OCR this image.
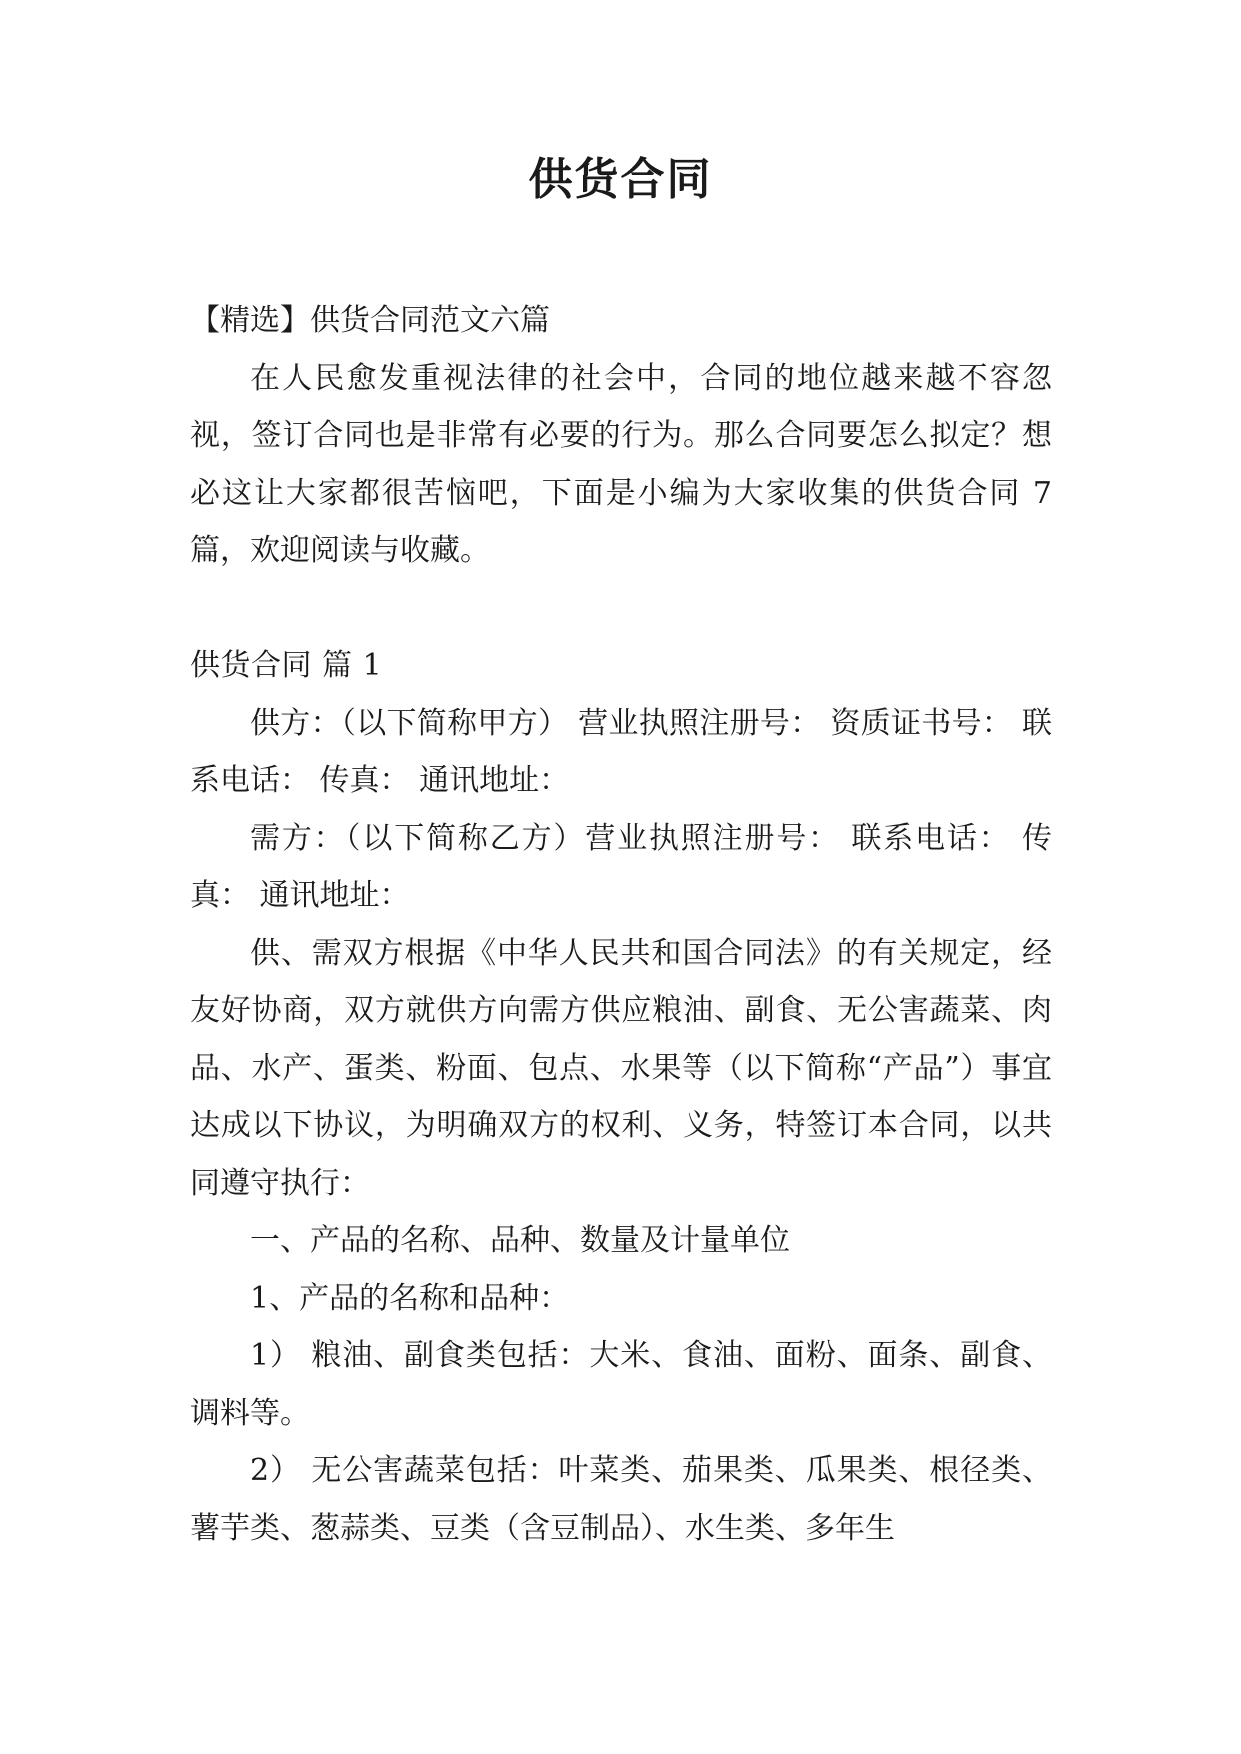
供货合同

【精选】供货合同范文六篇

在人民愈发重视法律的社会中，合同的地位越来越不容忽视，签订合同也是非常有必要的行为。那么合同要怎么拟定？想必这让大家都很苦恼吧，下面是小编为大家收集的供货合同 7 篇，欢迎阅读与收藏。

供货合同 篇 1

供方：（以下简称甲方） 营业执照注册号： 资质证书号： 联系电话： 传真： 通讯地址：

需方：（以下简称乙方）营业执照注册号： 联系电话： 传真： 通讯地址：

供、需双方根据《中华人民共和国合同法》的有关规定，经友好协商，双方就供方向需方供应粮油、副食、无公害蔬菜、肉品、水产、蛋类、粉面、包点、水果等（以下简称“产品”）事宜达成以下协议，为明确双方的权利、义务，特签订本合同，以共同遵守执行：

一、产品的名称、品种、数量及计量单位

1、产品的名称和品种：

1） 粮油、副食类包括：大米、食油、面粉、面条、副食、调料等。

2） 无公害蔬菜包括：叶菜类、茄果类、瓜果类、根径类、薯芋类、葱蒜类、豆类（含豆制品）、水生类、多年生
